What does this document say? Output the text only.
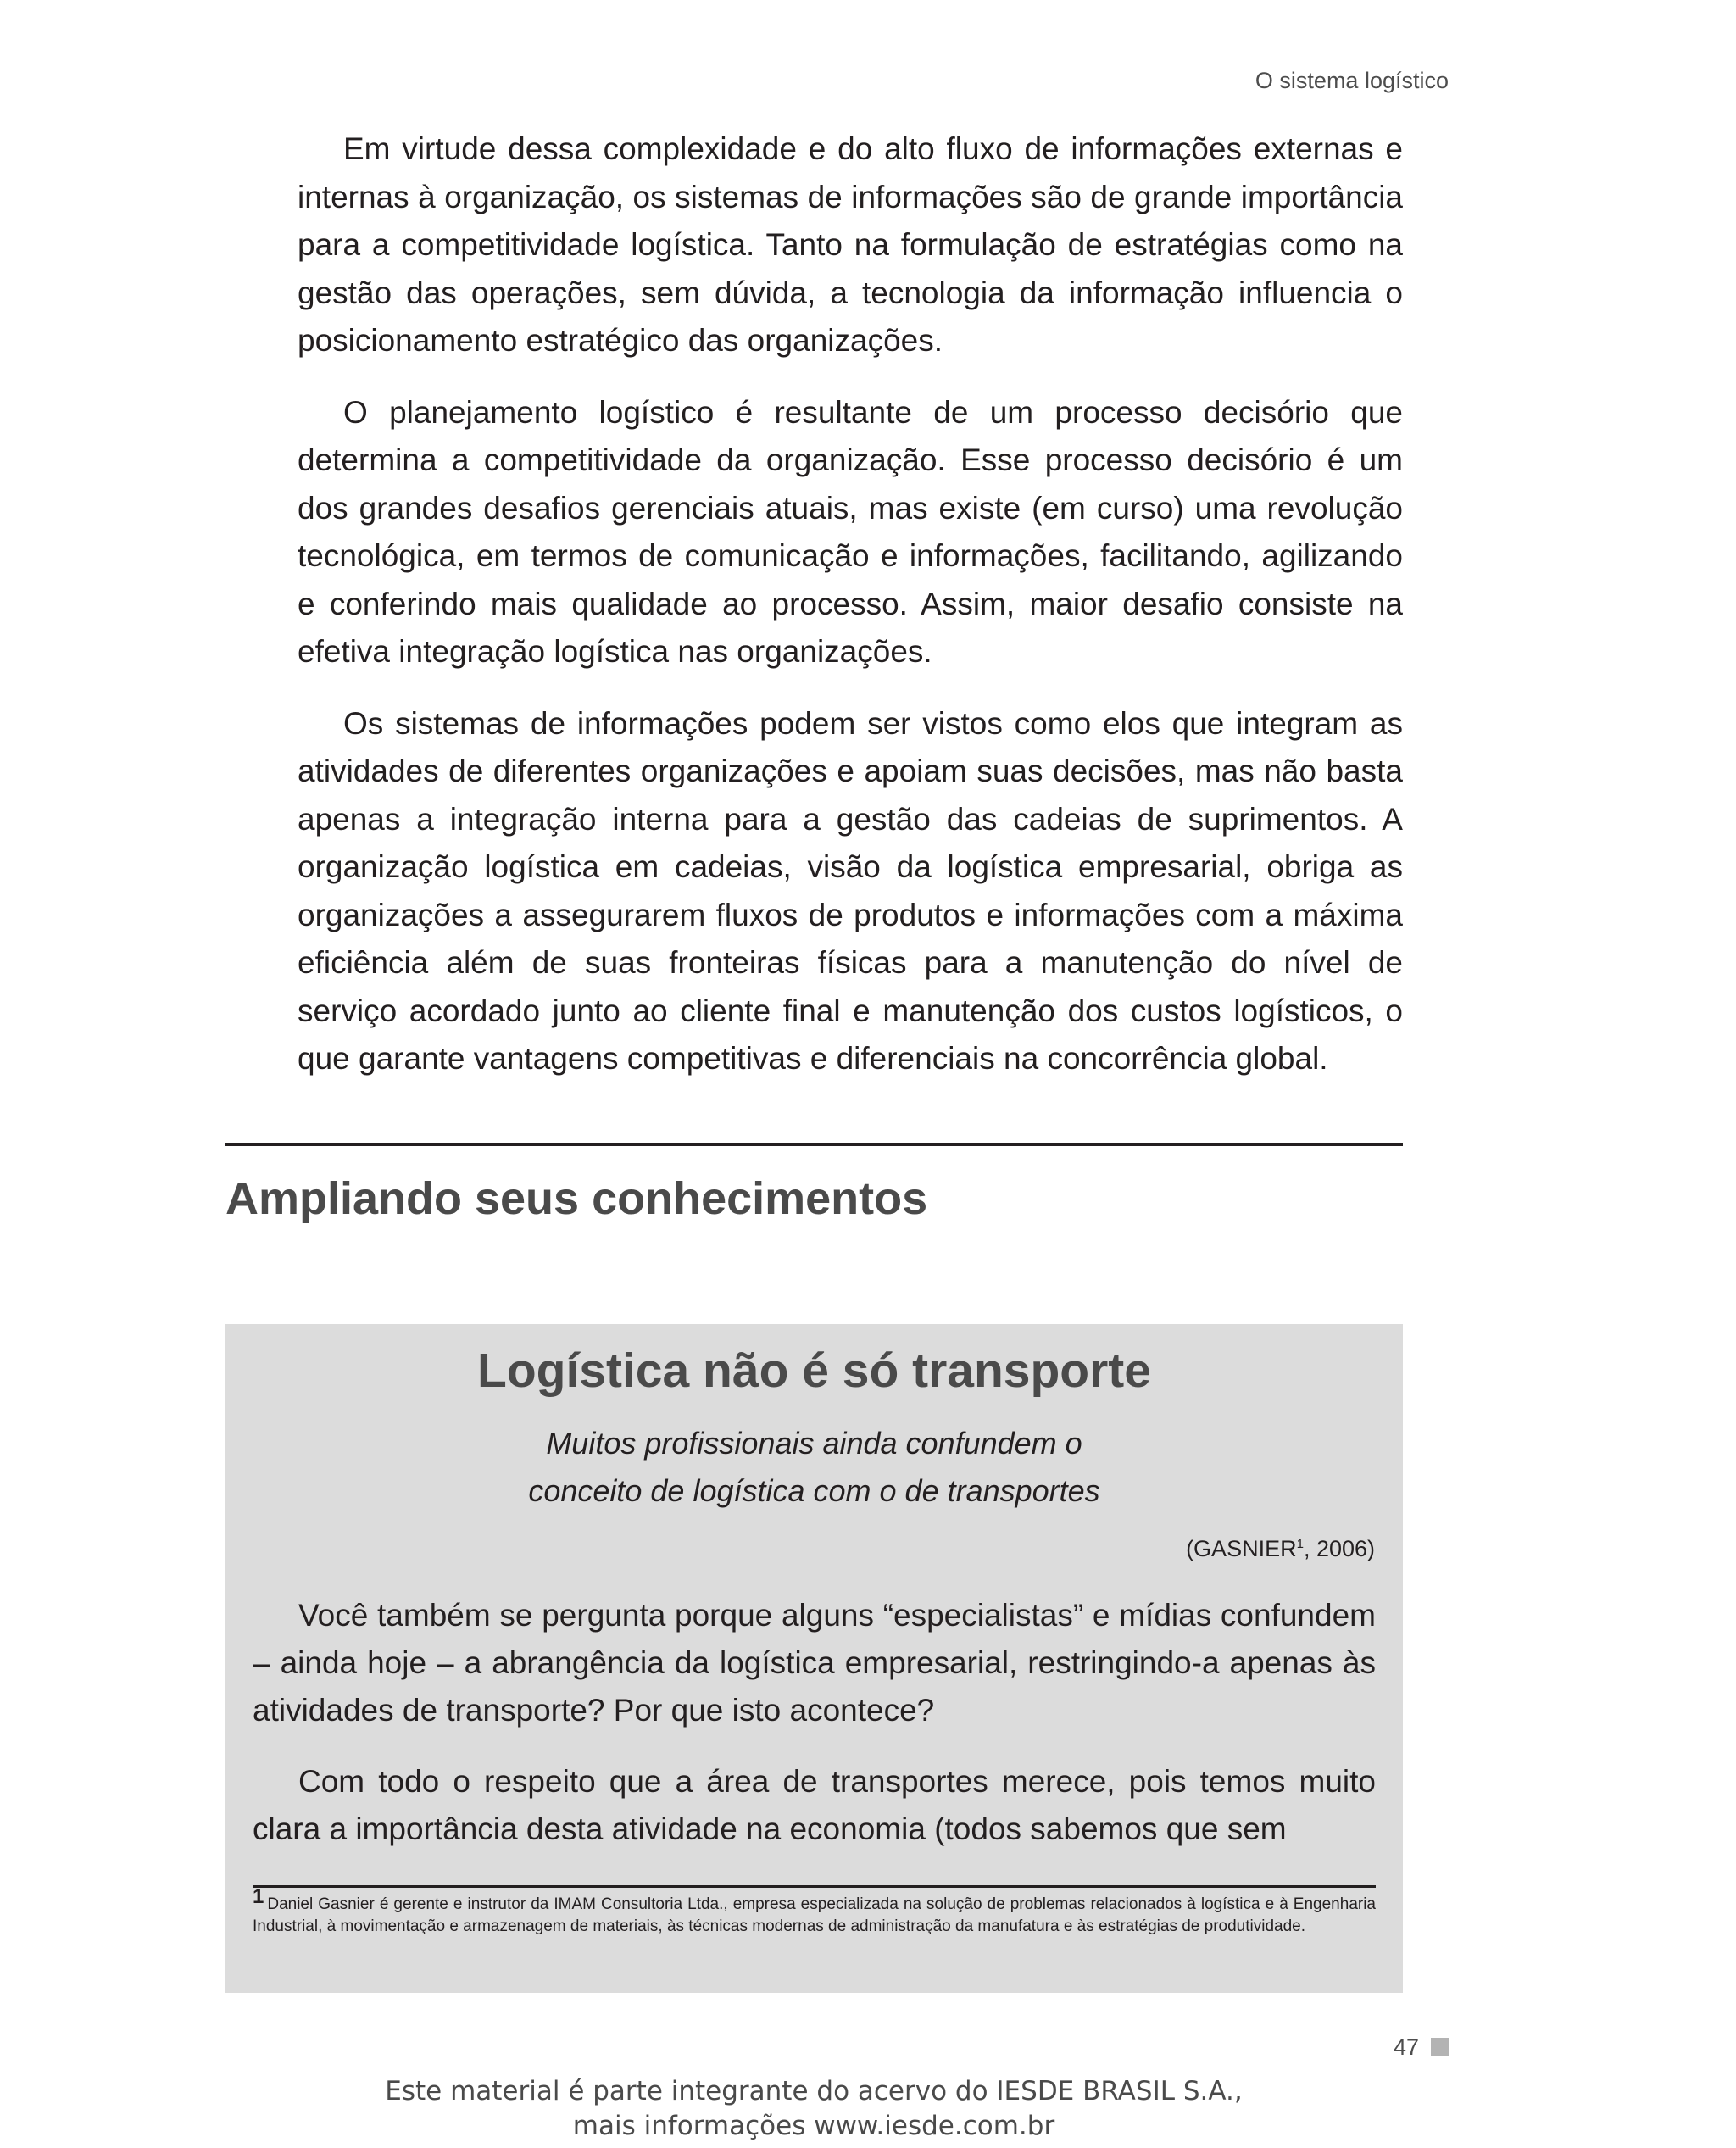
O sistema logístico

Em virtude dessa complexidade e do alto fluxo de informações externas e internas à organização, os sistemas de informações são de grande importância para a competitividade logística. Tanto na formulação de estratégias como na gestão das operações, sem dúvida, a tecnologia da informação influencia o posicionamento estratégico das organizações.

O planejamento logístico é resultante de um processo decisório que determina a competitividade da organização. Esse processo decisório é um dos grandes desafios gerenciais atuais, mas existe (em curso) uma revolução tecnológica, em termos de comunicação e informações, facilitando, agilizando e conferindo mais qualidade ao processo. Assim, maior desafio consiste na efetiva integração logística nas organizações.

Os sistemas de informações podem ser vistos como elos que integram as atividades de diferentes organizações e apoiam suas decisões, mas não basta apenas a integração interna para a gestão das cadeias de suprimentos. A organização logística em cadeias, visão da logística empresarial, obriga as organizações a assegurarem fluxos de produtos e informações com a máxima eficiência além de suas fronteiras físicas para a manutenção do nível de serviço acordado junto ao cliente final e manutenção dos custos logísticos, o que garante vantagens competitivas e diferenciais na concorrência global.

Ampliando seus conhecimentos
Logística não é só transporte
Muitos profissionais ainda confundem o
conceito de logística com o de transportes
(GASNIER$^1$, 2006)

Você também se pergunta porque alguns “especialistas” e mídias confundem – ainda hoje – a abrangência da logística empresarial, restringindo-a apenas às atividades de transporte? Por que isto acontece?

Com todo o respeito que a área de transportes merece, pois temos muito clara a importância desta atividade na economia (todos sabemos que sem

1 Daniel Gasnier é gerente e instrutor da IMAM Consultoria Ltda., empresa especializada na solução de problemas relacionados à logística e à Engenharia Industrial, à movimentação e armazenagem de materiais, às técnicas modernas de administração da manufatura e às estratégias de produtividade.
47
Este material é parte integrante do acervo do IESDE BRASIL S.A.,
mais informações www.iesde.com.br
